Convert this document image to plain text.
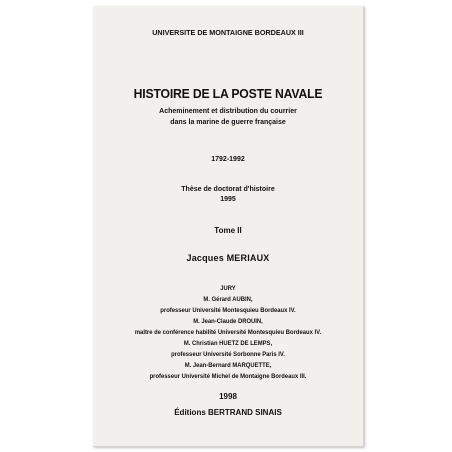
UNIVERSITE DE MONTAIGNE BORDEAUX III
HISTOIRE DE LA POSTE NAVALE
Acheminement et distribution du courrier
dans la marine de guerre française
1792-1992
Thèse de doctorat d'histoire
1995
Tome II
Jacques MERIAUX
JURY
M. Gérard AUBIN,
professeur Université Montesquieu Bordeaux IV.
M. Jean-Claude DROUIN,
maître de conférence habilité Université Montesquieu Bordeaux IV.
M. Christian HUETZ DE LEMPS,
professeur Université Sorbonne Paris IV.
M. Jean-Bernard MARQUETTE,
professeur Université Michel de Montaigne Bordeaux III.
1998
Éditions BERTRAND SINAIS
